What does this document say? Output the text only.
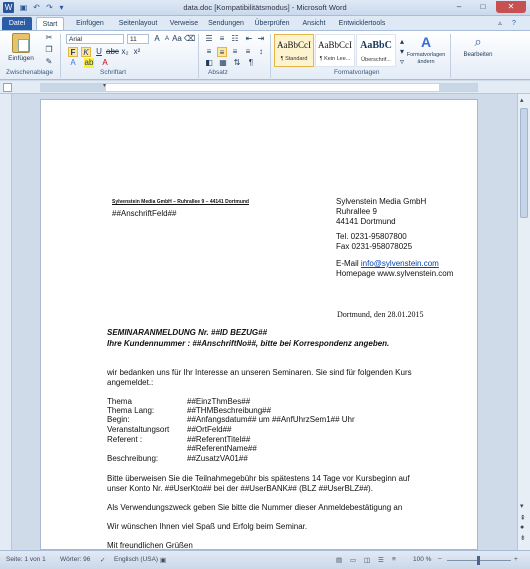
W ▣ ↶ ↷ ▾	data.doc [Kompatibilitätsmodus] - Microsoft Word	–	□	✕
Datei	Start	Einfügen	Seitenlayout	Verweise	Sendungen	Überprüfen	Ansicht	Entwicklertools	▵	?
Einfügen
✂
❐
✎
Zwischenablage
Arial	11	A A Aa ⌫
F K U abc x₂ x²
A ab A
Schriftart
☰ ≡ ☷ ⇤ ⇥
≡	≡	≡	≡	↕
◧ ▦ ⇅	¶
Absatz
AaBbCcI
¶ Standard
AaBbCcI
¶ Kein Lee...
AaBbC
Überschrif...
▴
▾
▿
A
Formatvorlagen ändern
Formatvorlagen
⌕
Bearbeiten
▾
▴
▾
⇞
●
⇟
Sylvenstein Media GmbH – Ruhrallee 9 – 44141 Dortmund
##AnschriftFeld##
Sylvenstein Media GmbH
Ruhrallee 9
44141 Dortmund
Tel. 0231-95807800
Fax 0231-958078025
E-Mail info@sylvenstein.com
Homepage www.sylvenstein.com
Dortmund, den 28.01.2015
SEMINARANMELDUNG Nr. ##ID BEZUG##
Ihre Kundennummer : ##AnschriftNo##, bitte bei Korrespondenz angeben.
wir bedanken uns für Ihr Interesse an unseren Seminaren. Sie sind für folgenden Kurs
angemeldet.:
Thema	##EinzThmBes##
Thema Lang:	##THMBeschreibung##
Begin:	##Anfangsdatum## um ##AnfUhrzSem1## Uhr
Veranstaltungsort ##OrtFeld##
Referent :	##ReferentTitel##
##ReferentName##
Beschreibung:	##ZusatzVA01##
Bitte überweisen Sie die Teilnahmegebühr bis spätestens 14 Tage vor Kursbeginn auf
unser Konto Nr. ##UserKto## bei der ##UserBANK## (BLZ ##UserBLZ##).
Als Verwendungszweck geben Sie bitte die Nummer dieser Anmeldebestätigung an
Wir wünschen Ihnen viel Spaß und Erfolg beim Seminar.
Mit freundlichen Grüßen
Seite: 1 von 1 Wörter: 96 ✓ Englisch (USA) ▣	▤ ▭ ◫ ☰ ≡	100 % −	+
